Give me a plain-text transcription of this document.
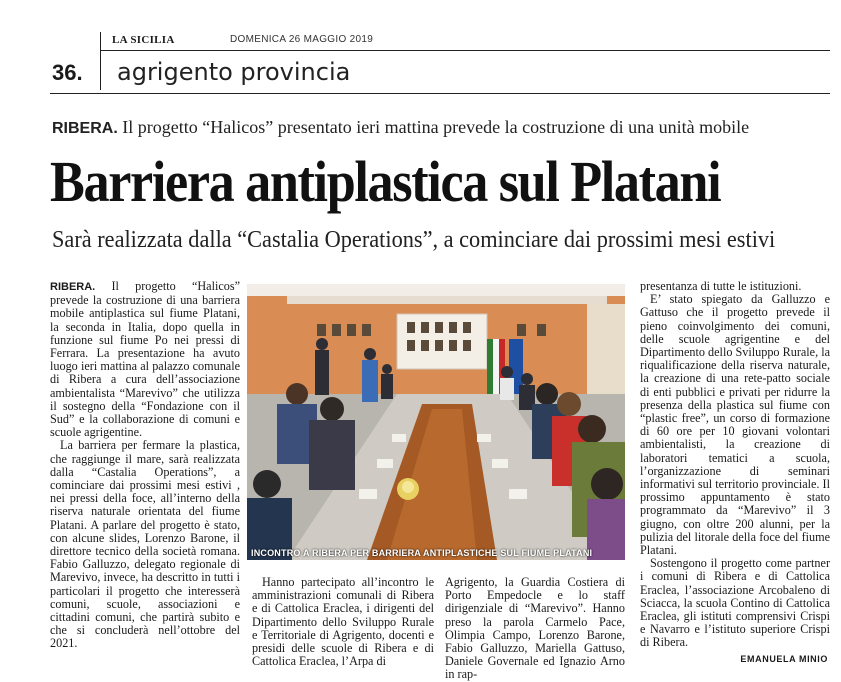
LA SICILIA	DOMENICA 26 MAGGIO 2019
36. agrigento provincia
RIBERA. Il progetto “Halicos” presentato ieri mattina prevede la costruzione di una unità mobile
Barriera antiplastica sul Platani
Sarà realizzata dalla “Castalia Operations”, a cominciare dai prossimi mesi estivi

RIBERA. Il progetto “Halicos” prevede la costruzione di una barriera mobile antiplastica sul fiume Platani, la seconda in Italia, dopo quella in funzione sul fiume Po nei pressi di Ferrara. La presentazione ha avuto luogo ieri mattina al palazzo comunale di Ribera a cura dell’associazione ambientalista “Marevivo” che utilizza il sostegno della “Fondazione con il Sud” e la collaborazione di comuni e scuole agrigentine.

La barriera per fermare la plastica, che raggiunge il mare, sarà realizzata dalla “Castalia Operations”, a cominciare dai prossimi mesi estivi , nei pressi della foce, all’interno della riserva naturale orientata del fiume Platani. A parlare del progetto è stato, con alcune slides, Lorenzo Barone, il direttore tecnico della società romana. Fabio Galluzzo, delegato regionale di Marevivo, invece, ha descritto in tutti i particolari il progetto che interesserà comuni, scuole, associazioni e cittadini comuni, che partirà subito e che si concluderà nell’ottobre del 2021.

INCONTRO A RIBERA PER BARRIERA ANTIPLASTICHE SUL FIUME PLATANI

Hanno partecipato all’incontro le amministrazioni comunali di Ribera e di Cattolica Eraclea, i dirigenti del Dipartimento dello Sviluppo Rurale e Territoriale di Agrigento, docenti e presidi delle scuole di Ribera e di Cattolica Eraclea, l’Arpa di

Agrigento, la Guardia Costiera di Porto Empedocle e lo staff dirigenziale di “Marevivo”. Hanno preso la parola Carmelo Pace, Olimpia Campo, Lorenzo Barone, Fabio Galluzzo, Mariella Gattuso, Daniele Governale ed Ignazio Arno in rap-

presentanza di tutte le istituzioni.

E’ stato spiegato da Galluzzo e Gattuso che il progetto prevede il pieno coinvolgimento dei comuni, delle scuole agrigentine e del Dipartimento dello Sviluppo Rurale, la riqualificazione della riserva naturale, la creazione di una rete-patto sociale di enti pubblici e privati per ridurre la presenza della plastica sul fiume con “plastic free”, un corso di formazione di 60 ore per 10 giovani volontari ambientalisti, la creazione di laboratori tematici a scuola, l’organizzazione di seminari informativi sul territorio provinciale. Il prossimo appuntamento è stato programmato da “Marevivo” il 3 giugno, con oltre 200 alunni, per la pulizia del litorale della foce del fiume Platani.

Sostengono il progetto come partner i comuni di Ribera e di Cattolica Eraclea, l’associazione Arcobaleno di Sciacca, la scuola Contino di Cattolica Eraclea, gli istituti comprensivi Crispi e Navarro e l’istituto superiore Crispi di Ribera.

EMANUELA MINIO
